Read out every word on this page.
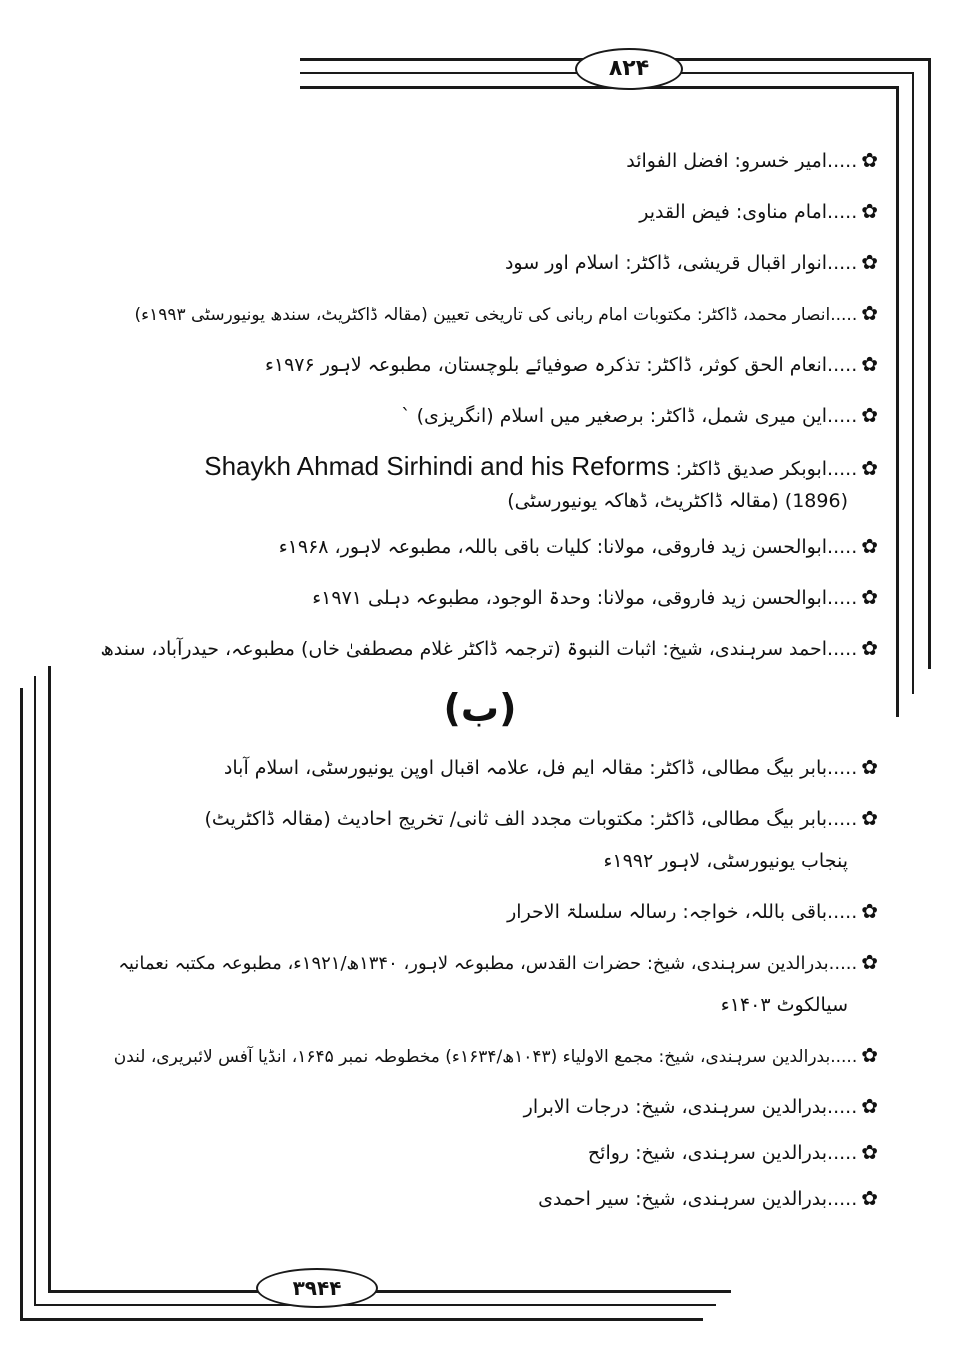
۸۲۴
✿.....امیر خسرو: افضل الفوائد
✿.....امام مناوی: فیض القدیر
✿.....انوار اقبال قریشی، ڈاکٹر: اسلام اور سود
✿.....انصار محمد، ڈاکٹر: مکتوبات امام ربانی کی تاریخی تعیین (مقالہ ڈاکٹریٹ، سندھ یونیورسٹی ۱۹۹۳ء)
✿.....انعام الحق کوثر، ڈاکٹر: تذکرہ صوفیائے بلوچستان، مطبوعہ لاہور ۱۹۷۶ء
✿.....این میری شمل، ڈاکٹر: برصغیر میں اسلام (انگریزی) `
✿.....ابوبکر صدیق ڈاکٹر: Shaykh Ahmad Sirhindi and his Reforms
(1896) (مقالہ ڈاکٹریٹ، ڈھاکہ یونیورسٹی)
✿.....ابوالحسن زید فاروقی، مولانا: کلیات باقی باللہ، مطبوعہ لاہور، ۱۹۶۸ء
✿.....ابوالحسن زید فاروقی، مولانا: وحدۃ الوجود، مطبوعہ دہلی ۱۹۷۱ء
✿.....احمد سرہندی، شیخ: اثبات النبوۃ (ترجمہ ڈاکٹر غلام مصطفیٰ خاں) مطبوعہ، حیدرآباد، سندھ
(ب)
✿.....بابر بیگ مطالی، ڈاکٹر: مقالہ ایم فل، علامہ اقبال اوپن یونیورسٹی، اسلام آباد
✿.....بابر بیگ مطالی، ڈاکٹر: مکتوبات مجدد الف ثانی/ تخریج احادیث (مقالہ ڈاکٹریٹ)
پنجاب یونیورسٹی، لاہور ۱۹۹۲ء
✿.....باقی باللہ، خواجہ: رسالہ سلسلۃ الاحرار
✿.....بدرالدین سرہندی، شیخ: حضرات القدس، مطبوعہ لاہور، ۱۳۴۰ھ/۱۹۲۱ء، مطبوعہ مکتبہ نعمانیہ
سیالکوٹ ۱۴۰۳ء
✿.....بدرالدین سرہندی، شیخ: مجمع الاولیاء (۱۰۴۳ھ/۱۶۳۴ء) مخطوطہ نمبر ۱۶۴۵، انڈیا آفس لائبریری، لندن
✿.....بدرالدین سرہندی، شیخ: درجات الابرار
✿.....بدرالدین سرہندی، شیخ: روائح
✿.....بدرالدین سرہندی، شیخ: سیر احمدی
۳۹۴۴
